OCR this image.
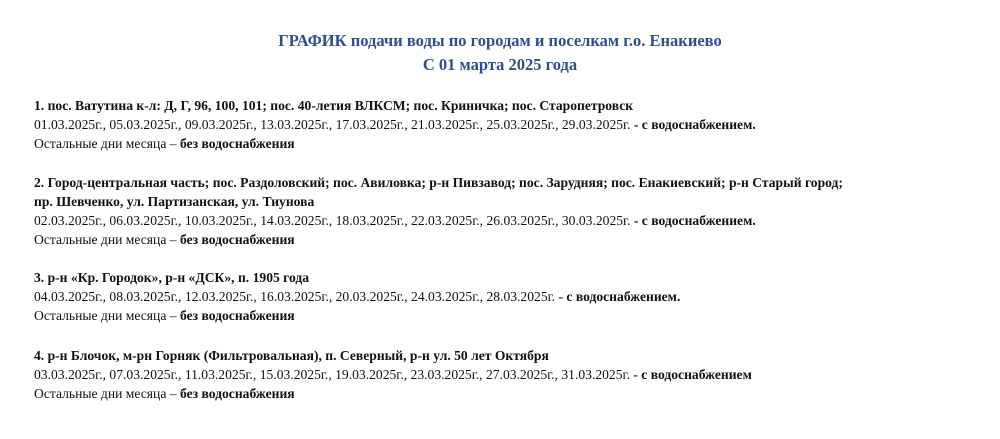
ГРАФИК подачи воды по городам и поселкам г.о. Енакиево
С 01 марта 2025 года
1. пос. Ватутина к-л: Д, Г, 96, 100, 101; пос. 40-летия ВЛКСМ; пос. Криничка; пос. Старопетровск
01.03.2025г., 05.03.2025г., 09.03.2025г., 13.03.2025г., 17.03.2025г., 21.03.2025г., 25.03.2025г., 29.03.2025г. - с водоснабжением.
Остальные дни месяца – без водоснабжения
2. Город-центральная часть; пос. Раздоловский; пос. Авиловка; р-н Пивзавод; пос. Зарудняя; пос. Енакиевский; р-н Старый город;
пр. Шевченко, ул. Партизанская, ул. Тиунова
02.03.2025г., 06.03.2025г., 10.03.2025г., 14.03.2025г., 18.03.2025г., 22.03.2025г., 26.03.2025г., 30.03.2025г. - с водоснабжением.
Остальные дни месяца – без водоснабжения
3. р-н «Кр. Городок», р-н «ДСК», п. 1905 года
04.03.2025г., 08.03.2025г., 12.03.2025г., 16.03.2025г., 20.03.2025г., 24.03.2025г., 28.03.2025г. - с водоснабжением.
Остальные дни месяца – без водоснабжения
4. р-н Блочок, м-рн Горняк (Фильтровальная), п. Северный, р-н ул. 50 лет Октября
03.03.2025г., 07.03.2025г., 11.03.2025г., 15.03.2025г., 19.03.2025г., 23.03.2025г., 27.03.2025г., 31.03.2025г. - с водоснабжением
Остальные дни месяца – без водоснабжения
